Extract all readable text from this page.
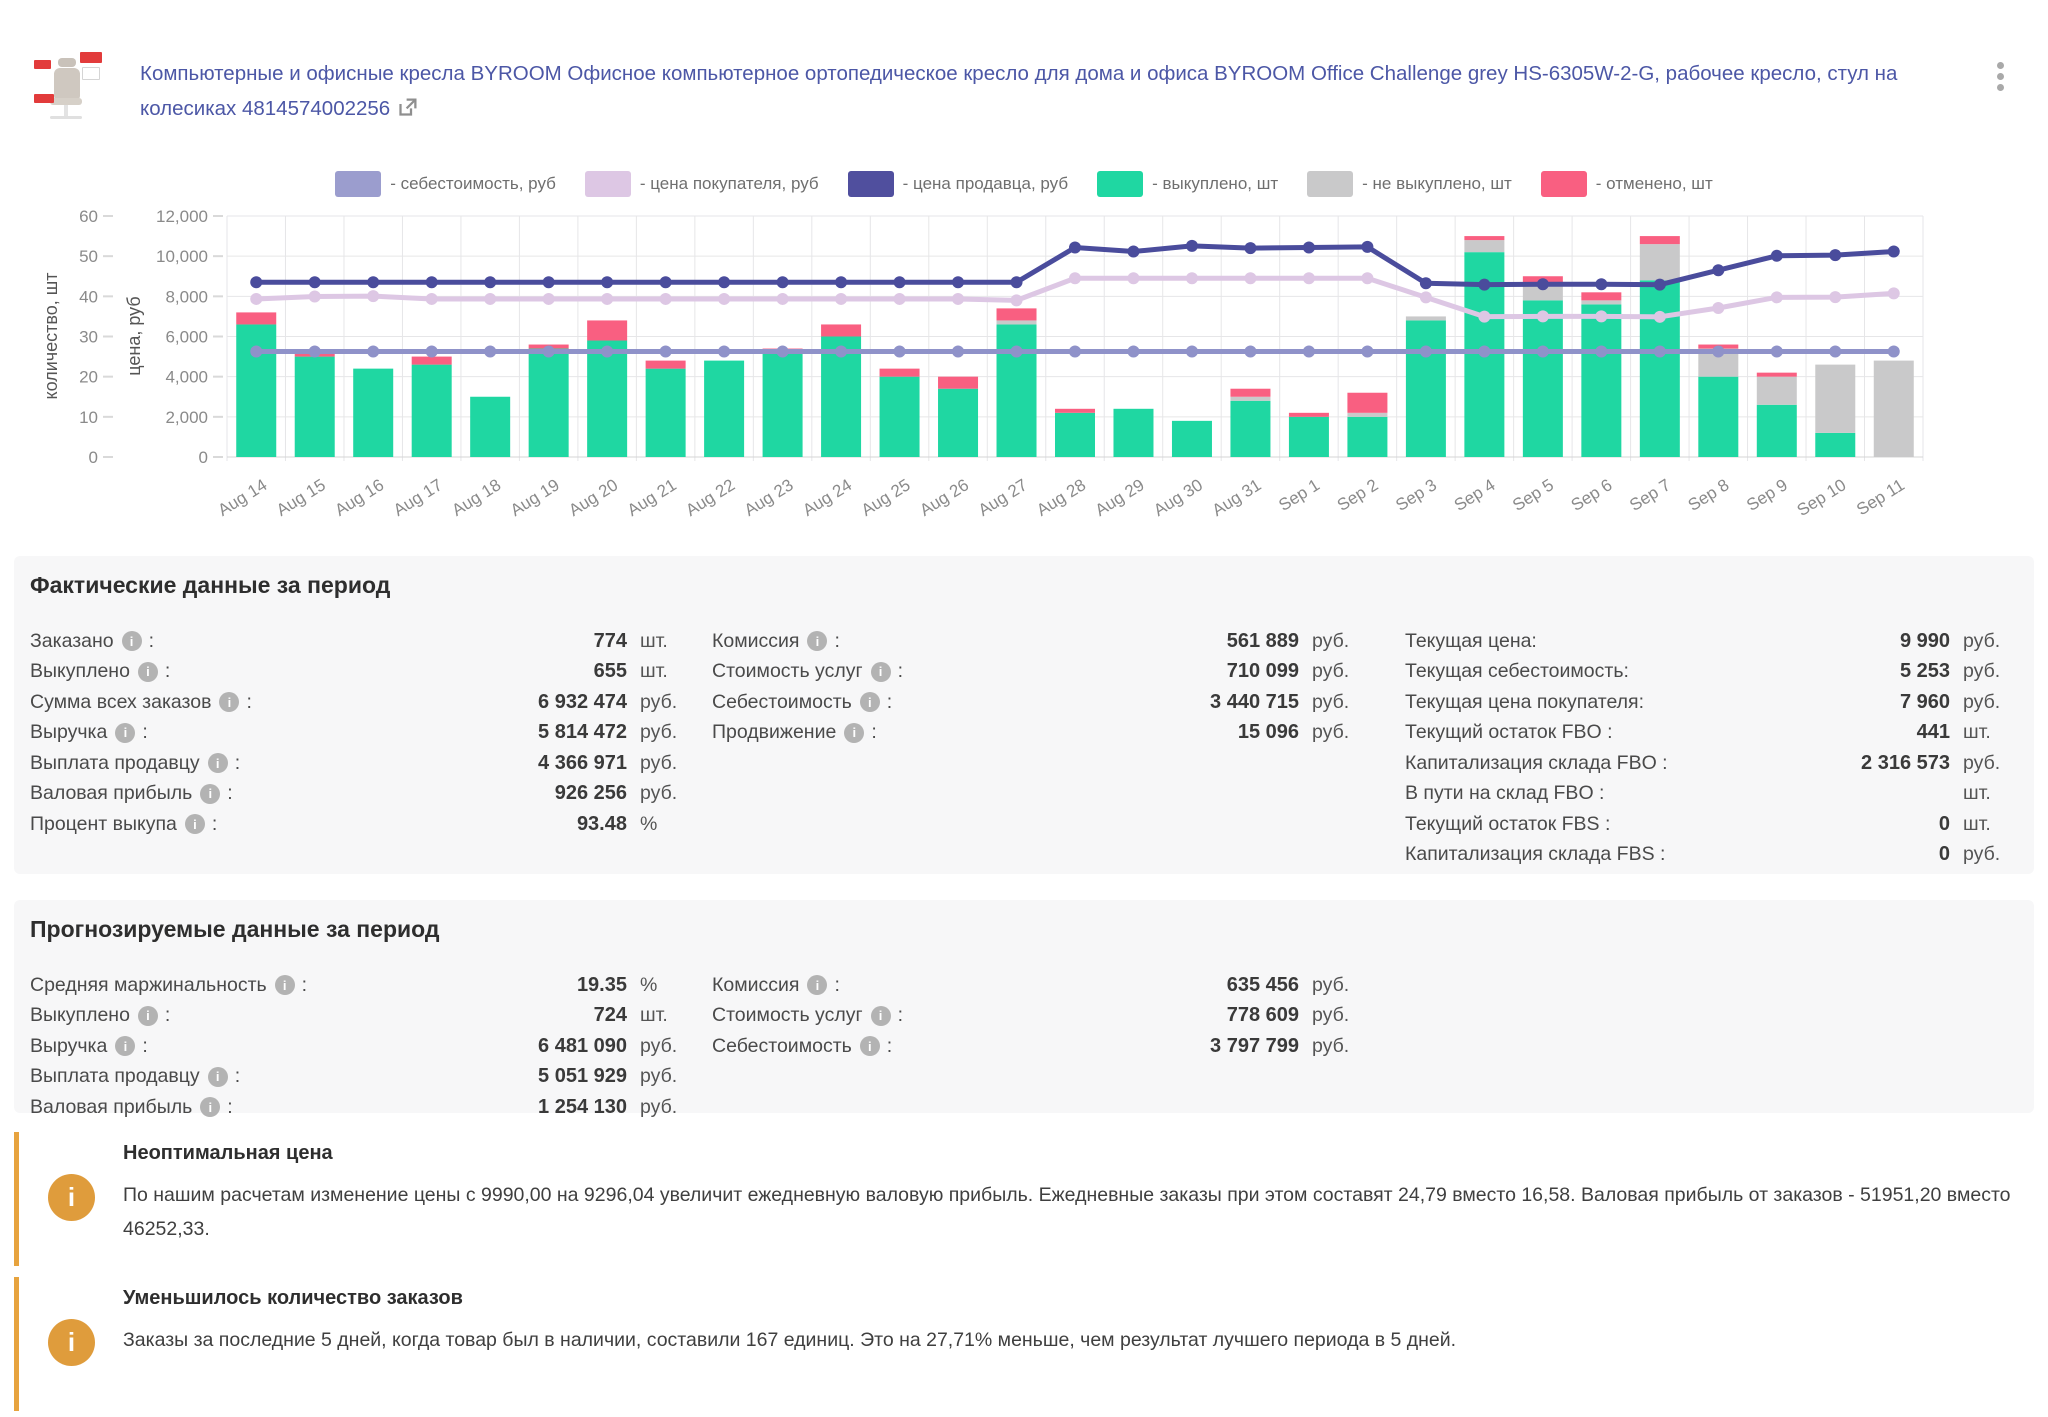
Компьютерные и офисные кресла BYROOM Офисное компьютерное ортопедическое кресло для дома и офиса BYROOM Office Challenge grey HS-6305W-2-G, рабочее кресло, стул на колесиках 4814574002256
0
2,000
4,000
6,000
8,000
10,000
12,000
0
10
20
30
40
50
60
количество, шт	цена, руб
Aug 14 Aug 15 Aug 16 Aug 17 Aug 18 Aug 19 Aug 20 Aug 21 Aug 22 Aug 23 Aug 24 Aug 25 Aug 26 Aug 27 Aug 28 Aug 29 Aug 30 Aug 31 Sep 1 Sep 2 Sep 3 Sep 4 Sep 5 Sep 6 Sep 7 Sep 8 Sep 9 Sep 10 Sep 11
- себестоимость, руб	- цена покупателя, руб	- цена продавца, руб	- выкуплено, шт	- не выкуплено, шт	- отменено, шт
Фактические данные за период
Заказано	i :	774 шт.
Выкуплено	i :	655 шт.
Сумма всех заказов	i :	6 932 474 руб.
Выручка	i :	5 814 472 руб.
Выплата продавцу	i :	4 366 971 руб.
Валовая прибыль	i :	926 256 руб.
Процент выкупа	i :	93.48 %
Комиссия	i :	561 889 руб.
Стоимость услуг	i :	710 099 руб.
Себестоимость	i :	3 440 715 руб.
Продвижение	i :	15 096 руб.
Текущая цена:	9 990 руб.
Текущая себестоимость:	5 253 руб.
Текущая цена покупателя:	7 960 руб.
Текущий остаток FBO :	441 шт.
Капитализация склада FBO :	2 316 573 руб.
В пути на склад FBO :	шт.
Текущий остаток FBS :	0 шт.
Капитализация склада FBS :	0 руб.
Прогнозируемые данные за период
Средняя маржинальность	i :	19.35 %
Выкуплено	i :	724 шт.
Выручка	i :	6 481 090 руб.
Выплата продавцу	i :	5 051 929 руб.
Валовая прибыль	i :	1 254 130 руб.
Комиссия	i :	635 456 руб.
Стоимость услуг	i :	778 609 руб.
Себестоимость	i :	3 797 799 руб.
i
Неоптимальная цена

По нашим расчетам изменение цены с 9990,00 на 9296,04 увеличит ежедневную валовую прибыль. Ежедневные заказы при этом составят 24,79 вместо 16,58. Валовая прибыль от заказов - 51951,20 вместо 46252,33.

i
Уменьшилось количество заказов

Заказы за последние 5 дней, когда товар был в наличии, составили 167 единиц. Это на 27,71% меньше, чем результат лучшего периода в 5 дней.
